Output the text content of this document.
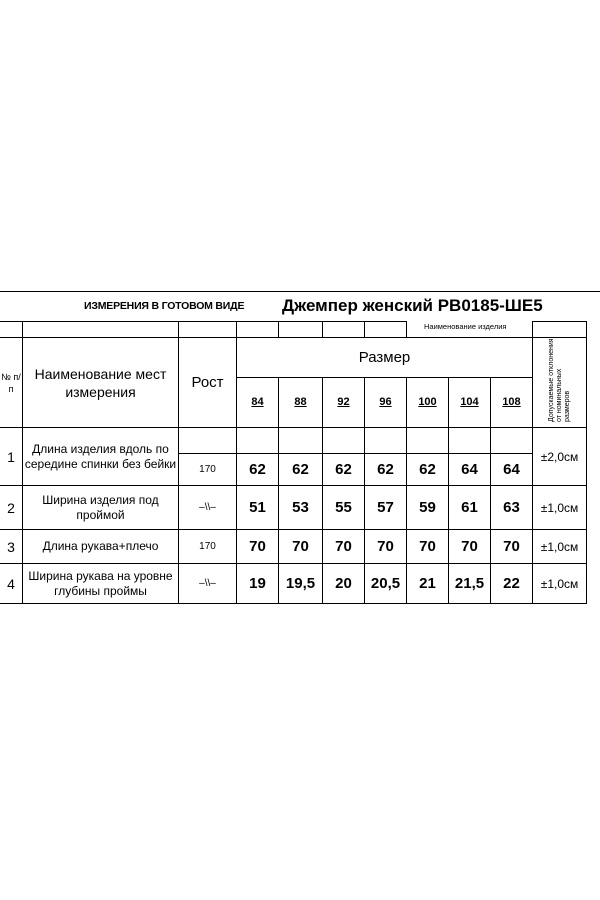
ИЗМЕРЕНИЯ В ГОТОВОМ ВИДЕ Джемпер женский РВ0185-ШЕ5
Наименование изделия

№ п/п	Наименование мест измерения	Рост	Размер							Допускаемые отклонения от номинальных размеров
			84	88	92	96	100	104	108	
1	Длина изделия вдоль по середине спинки без бейки									±2,0см
		170	62	62	62	62	62	64	64	
2	Ширина изделия под проймой	–\\–	51	53	55	57	59	61	63	±1,0см
3	Длина рукава+плечо	170	70	70	70	70	70	70	70	±1,0см
4	Ширина рукава на уровне глубины проймы	–\\–	19	19,5	20	20,5	21	21,5	22	±1,0см
